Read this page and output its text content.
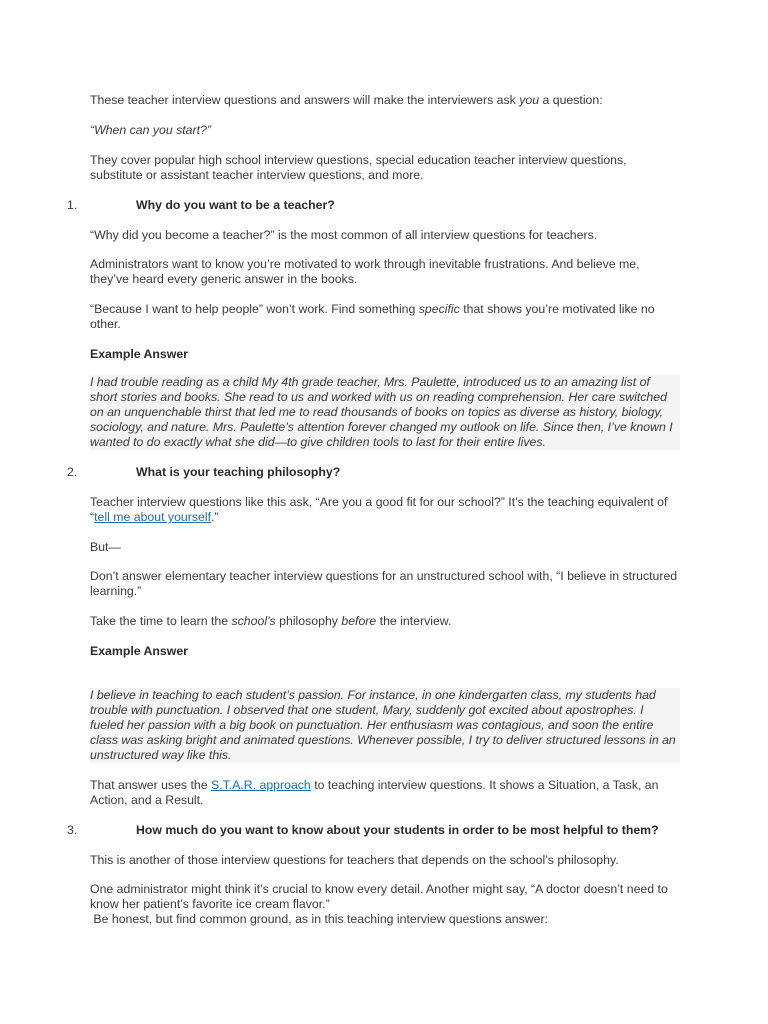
These teacher interview questions and answers will make the interviewers ask you a question:

“When can you start?”

They cover popular high school interview questions, special education teacher interview questions, substitute or assistant teacher interview questions, and more.

1.	Why do you want to be a teacher?

“Why did you become a teacher?” is the most common of all interview questions for teachers.

Administrators want to know you’re motivated to work through inevitable frustrations. And believe me, they’ve heard every generic answer in the books.

“Because I want to help people” won’t work. Find something specific that shows you’re motivated like no other.

Example Answer

I had trouble reading as a child My 4th grade teacher, Mrs. Paulette, introduced us to an amazing list of short stories and books. She read to us and worked with us on reading comprehension. Her care switched on an unquenchable thirst that led me to read thousands of books on topics as diverse as history, biology, sociology, and nature. Mrs. Paulette’s attention forever changed my outlook on life. Since then, I’ve known I wanted to do exactly what she did—to give children tools to last for their entire lives.

2.	What is your teaching philosophy?

Teacher interview questions like this ask, “Are you a good fit for our school?” It’s the teaching equivalent of “tell me about yourself.”

But—

Don’t answer elementary teacher interview questions for an unstructured school with, “I believe in structured learning.”

Take the time to learn the school’s philosophy before the interview.

Example Answer

I believe in teaching to each student’s passion. For instance, in one kindergarten class, my students had trouble with punctuation. I observed that one student, Mary, suddenly got excited about apostrophes. I fueled her passion with a big book on punctuation. Her enthusiasm was contagious, and soon the entire class was asking bright and animated questions. Whenever possible, I try to deliver structured lessons in an unstructured way like this.

That answer uses the S.T.A.R. approach to teaching interview questions. It shows a Situation, a Task, an Action, and a Result.

3.	How much do you want to know about your students in order to be most helpful to them?

This is another of those interview questions for teachers that depends on the school’s philosophy.

One administrator might think it’s crucial to know every detail. Another might say, “A doctor doesn’t need to know her patient’s favorite ice cream flavor.”

Be honest, but find common ground, as in this teaching interview questions answer:
